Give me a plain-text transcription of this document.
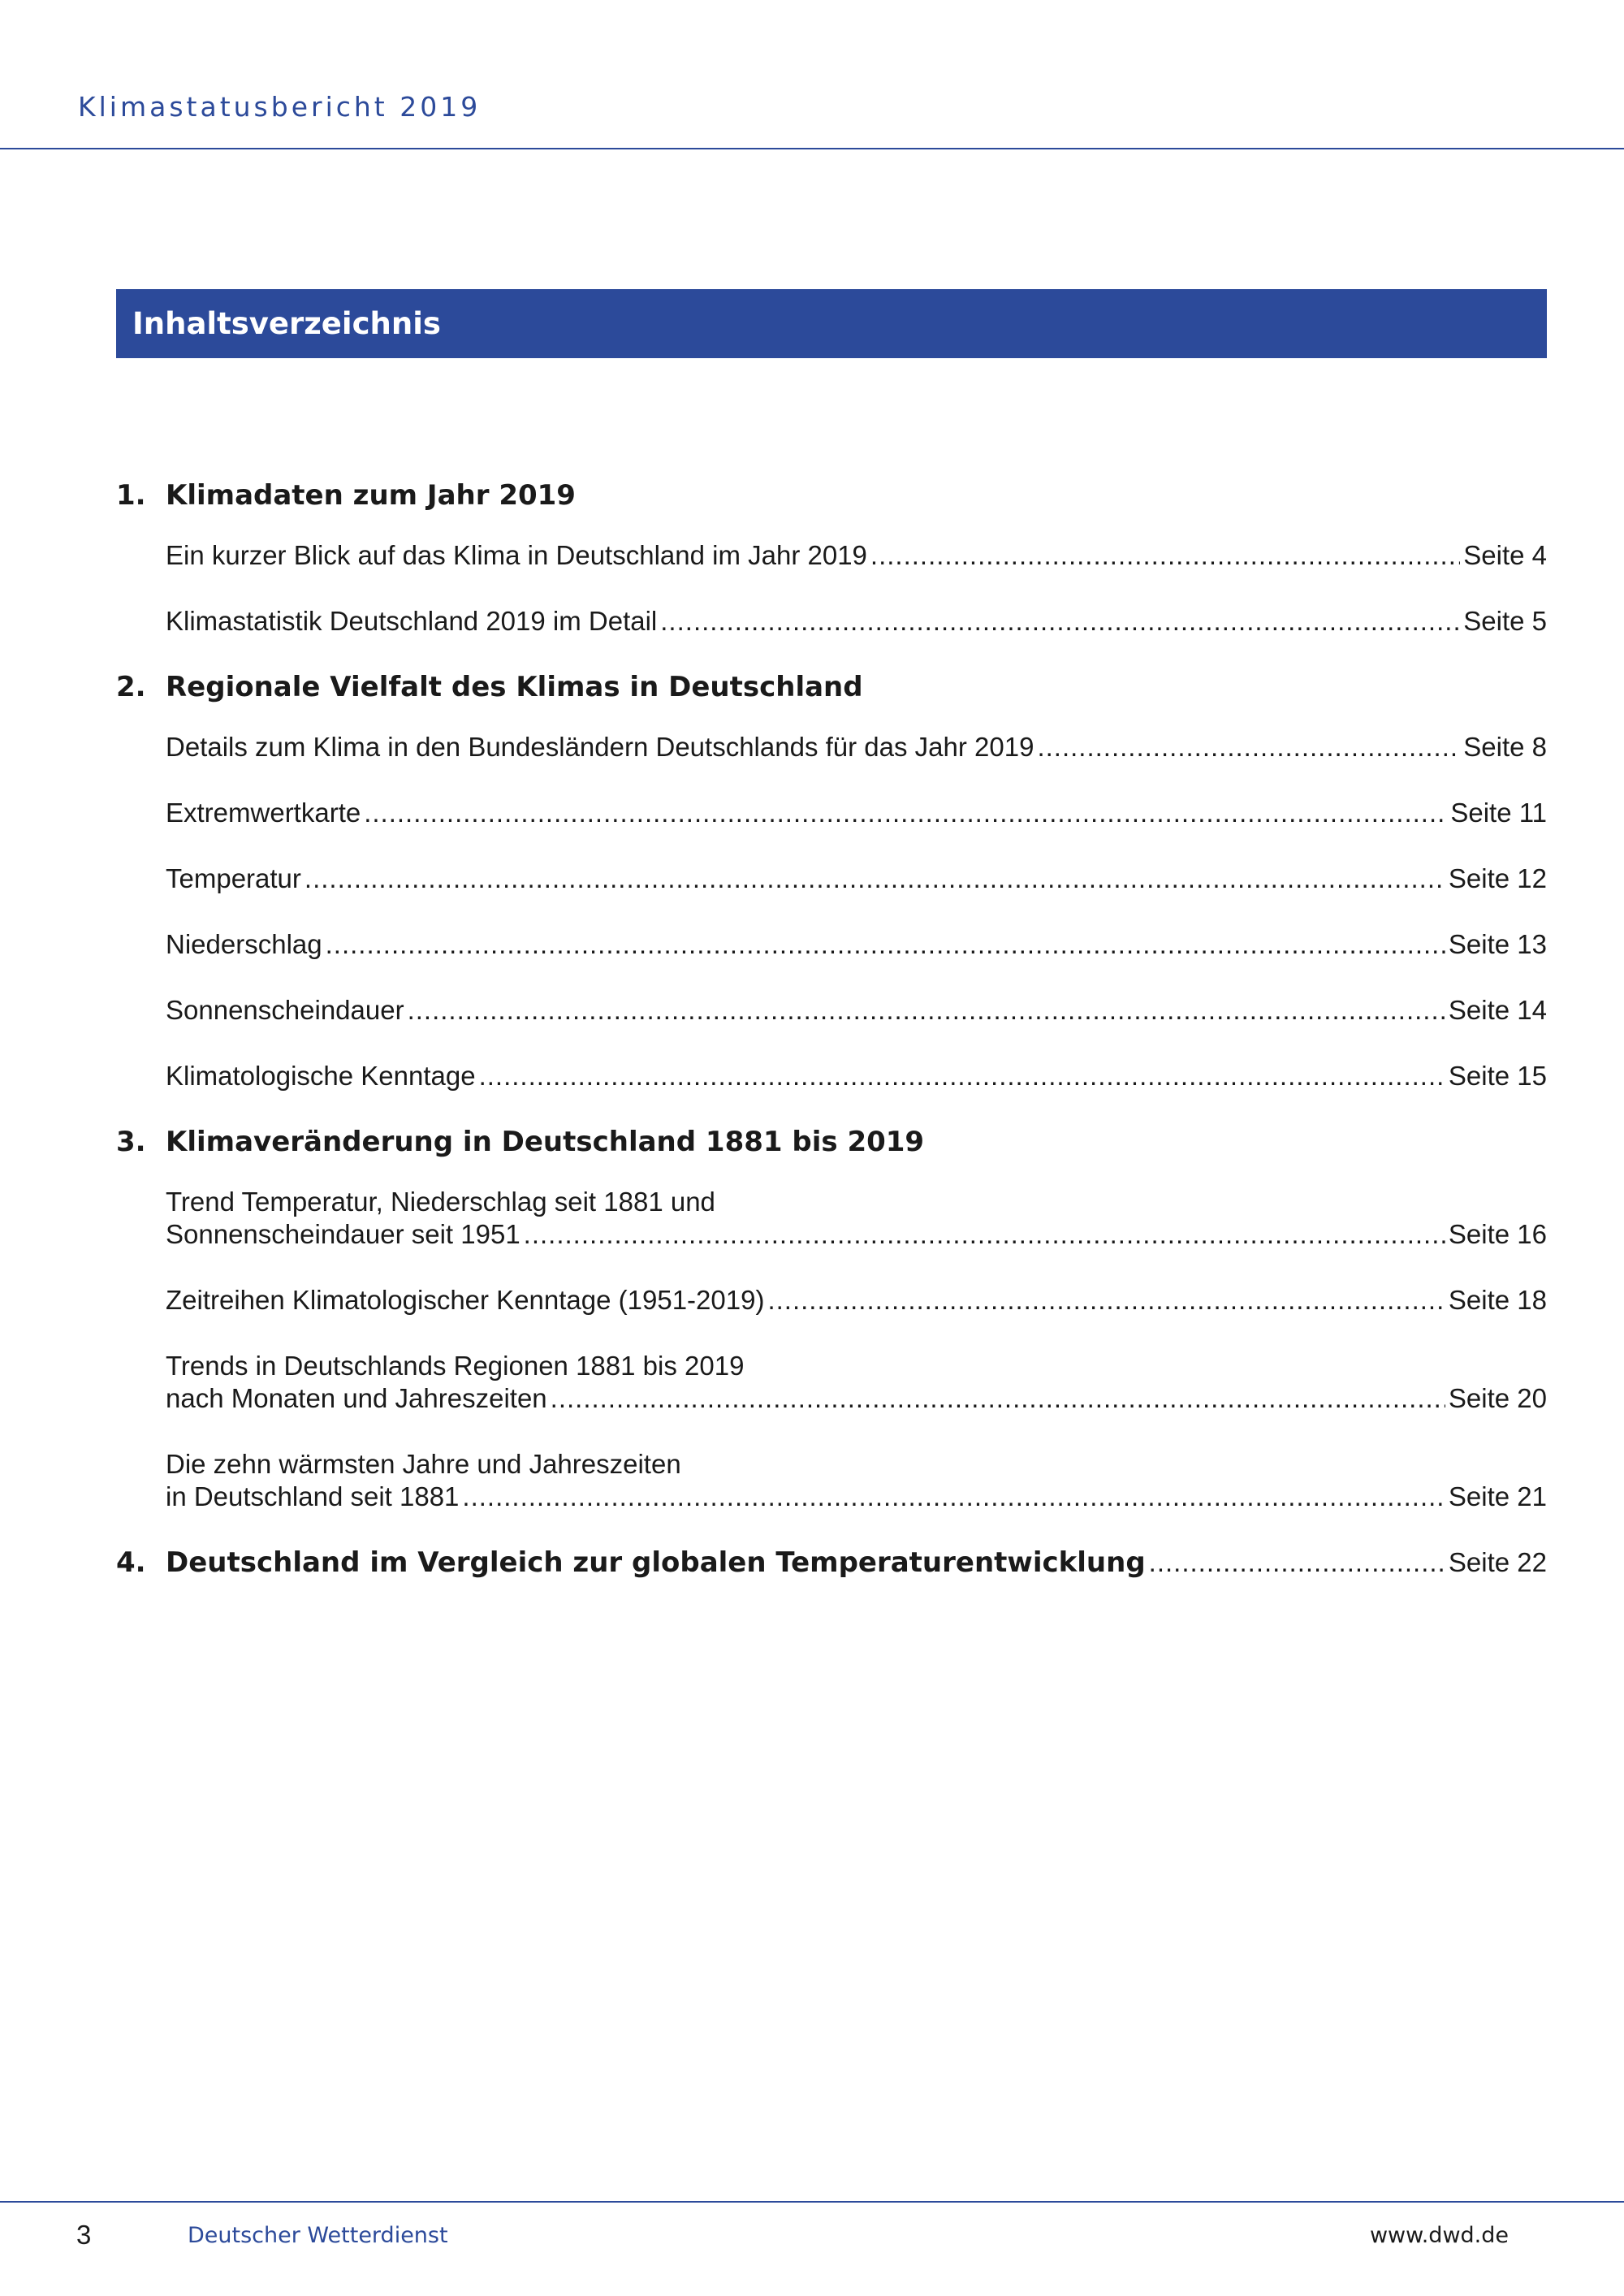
Klimastatusbericht 2019

Inhaltsverzeichnis
1. Klimadaten zum Jahr 2019
Ein kurzer Blick auf das Klima in Deutschland im Jahr 2019 .....	Seite 4
Klimastatistik Deutschland 2019 im Detail .....	Seite 5
2. Regionale Vielfalt des Klimas in Deutschland
Details zum Klima in den Bundesländern Deutschlands für das Jahr 2019 .....	Seite 8
Extremwertkarte .....	Seite 11
Temperatur .....	Seite 12
Niederschlag .....	Seite 13
Sonnenscheindauer .....	Seite 14
Klimatologische Kenntage .....	Seite 15
3. Klimaveränderung in Deutschland 1881 bis 2019
Trend Temperatur, Niederschlag seit 1881 und
Sonnenscheindauer seit 1951 .....	Seite 16
Zeitreihen Klimatologischer Kenntage (1951-2019) .....	Seite 18
Trends in Deutschlands Regionen 1881 bis 2019
nach Monaten und Jahreszeiten .....	Seite 20
Die zehn wärmsten Jahre und Jahreszeiten
in Deutschland seit 1881 .....	Seite 21
4. Deutschland im Vergleich zur globalen Temperaturentwicklung .....	Seite 22
3	Deutscher Wetterdienst	www.dwd.de
